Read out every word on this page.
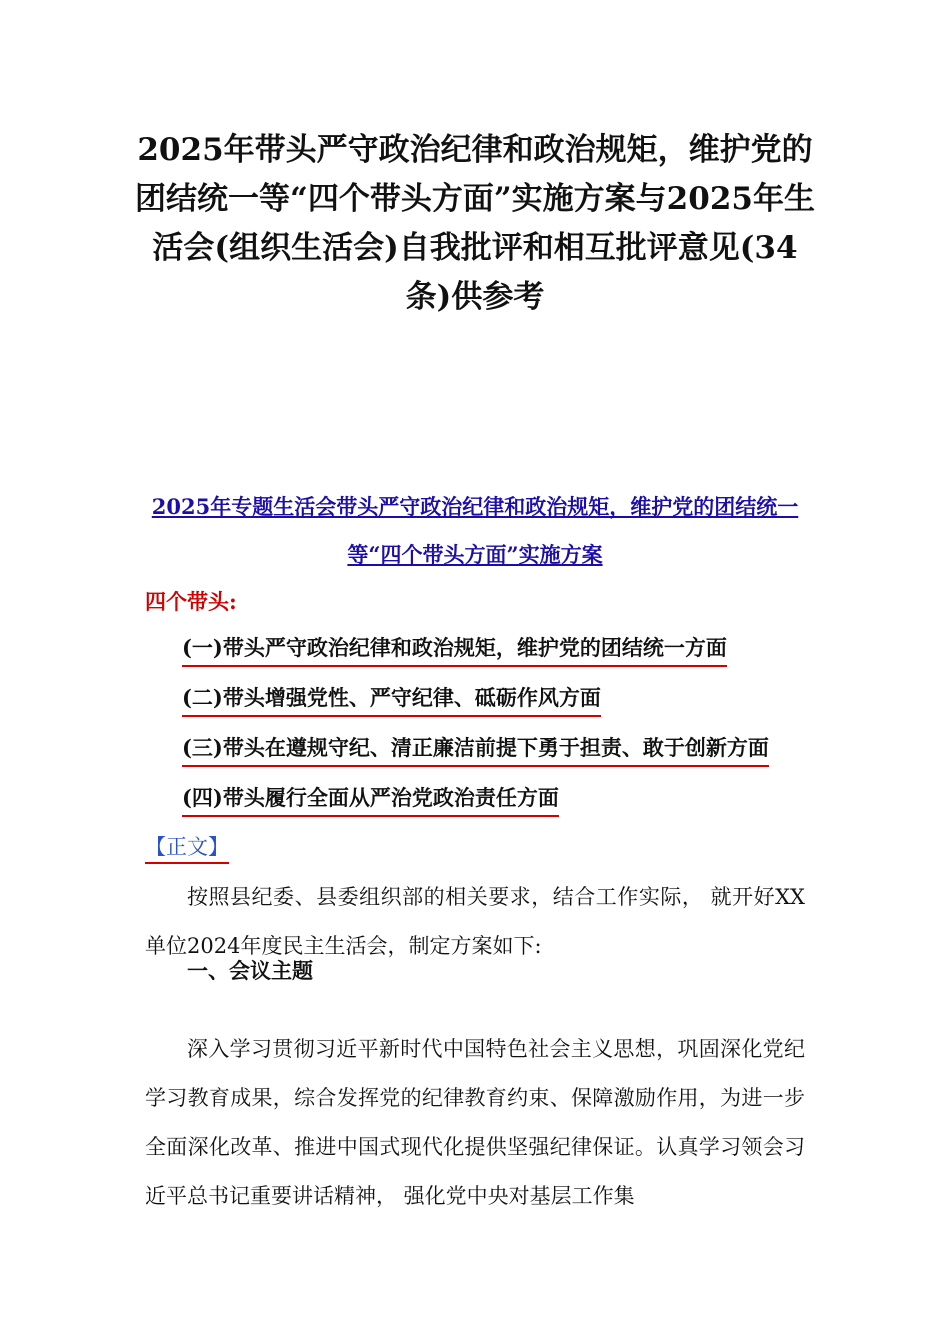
2025年带头严守政治纪律和政治规矩，维护党的团结统一等“四个带头方面”实施方案与2025年生活会(组织生活会)自我批评和相互批评意见(34条)供参考

2025年专题生活会带头严守政治纪律和政治规矩，维护党的团结统一等“四个带头方面”实施方案

四个带头:

(一)带头严守政治纪律和政治规矩，维护党的团结统一方面
(二)带头增强党性、严守纪律、砥砺作风方面
(三)带头在遵规守纪、清正廉洁前提下勇于担责、敢于创新方面
(四)带头履行全面从严治党政治责任方面
【正文】

按照县纪委、县委组织部的相关要求，结合工作实际， 就开好XX单位2024年度民主生活会，制定方案如下:

一、会议主题

深入学习贯彻习近平新时代中国特色社会主义思想，巩固深化党纪学习教育成果，综合发挥党的纪律教育约束、保障激励作用，为进一步全面深化改革、推进中国式现代化提供坚强纪律保证。认真学习领会习近平总书记重要讲话精神， 强化党中央对基层工作集
